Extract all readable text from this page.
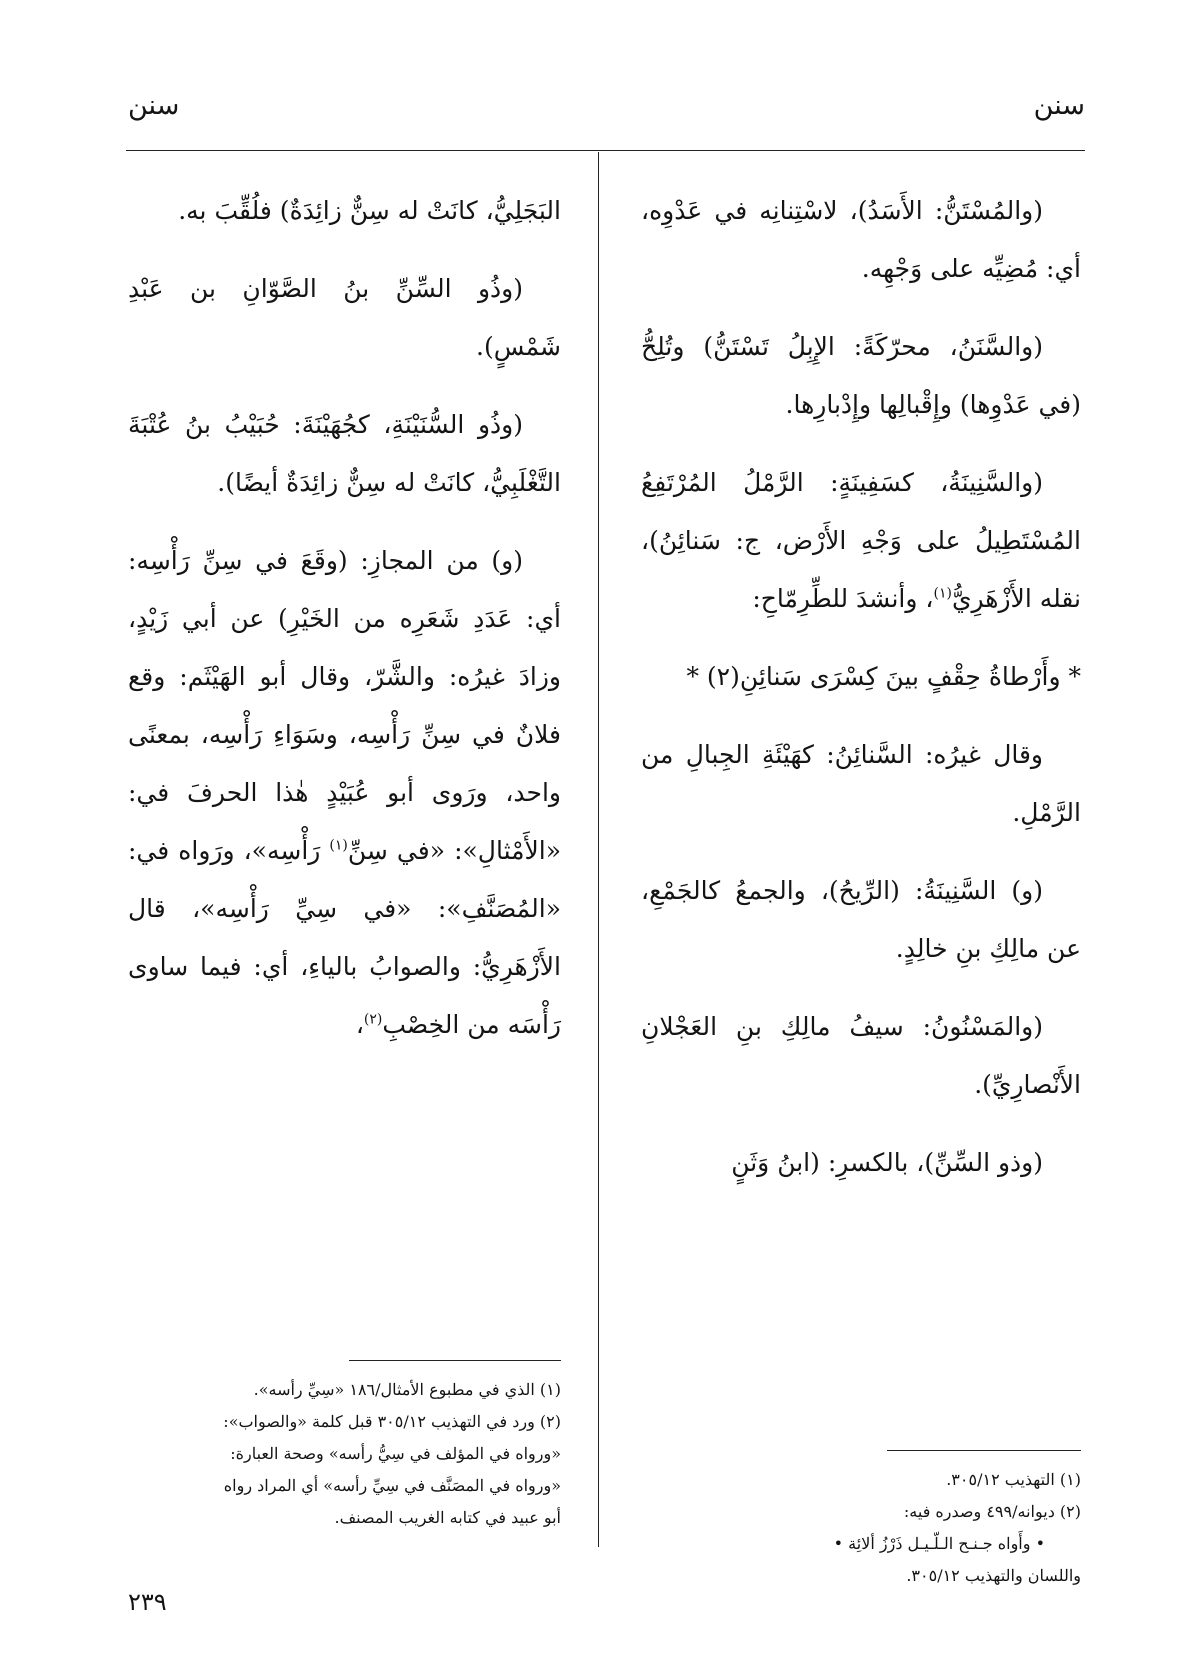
سنن
سنن

(والمُسْتَنُّ: الأَسَدُ)، لاسْتِنانِه في عَدْوِه، أي: مُضِيِّه على وَجْهِه.

(والسَّنَنُ، محرّكَةً: الإِبِلُ تَسْتَنُّ) وتُلِحُّ (في عَدْوِها) وإِقْبالِها وإِدْبارِها.

(والسَّنِينَةُ، كسَفِينَةٍ: الرَّمْلُ المُرْتَفِعُ المُسْتَطِيلُ على وَجْهِ الأَرْض، ج: سَنائِنُ)، نقله الأَزْهَرِيُّ$^{(١)}$، وأنشدَ للطِّرِمّاحِ:

* وأَرْطاةُ حِقْفٍ بينَ كِسْرَى سَنائِنِ(٢) *

وقال غيرُه: السَّنائِنُ: كهَيْئَةِ الجِبالِ من الرَّمْلِ.

(و) السَّنِينَةُ: (الرِّيحُ)، والجمعُ كالجَمْعِ، عن مالِكِ بنِ خالِدٍ.

(والمَسْنُونُ: سيفُ مالِكِ بنِ العَجْلانِ الأَنْصارِيِّ).

(وذو السِّنِّ)، بالكسرِ: (ابنُ وَثَنٍ

البَجَلِيُّ، كانَتْ له سِنٌّ زائِدَةٌ) فلُقِّبَ به.

(وذُو السِّنِّ بنُ الصَّوّانِ بن عَبْدِ شَمْسٍ).

(وذُو السُّنَيْنَةِ، كجُهَيْنَةَ: حُبَيْبُ بنُ عُتْبَةَ التَّغْلَبِيُّ، كانَتْ له سِنٌّ زائِدَةٌ أيضًا).

(و) من المجازِ: (وقَعَ في سِنِّ رَأْسِه: أي: عَدَدِ شَعَرِه من الخَيْرِ) عن أبي زَيْدٍ، وزادَ غيرُه: والشَّرّ، وقال أبو الهَيْثَم: وقع فلانٌ في سِنِّ رَأْسِه، وسَوَاءِ رَأْسِه، بمعنًى واحد، ورَوى أبو عُبَيْدٍ هٰذا الحرفَ في: «الأَمْثالِ»: «في سِنِّ$^{(١)}$ رَأْسِه»، ورَواه في: «المُصَنَّفِ»: «في سِيِّ رَأْسِه»، قال الأَزْهَرِيُّ: والصوابُ بالياءِ، أي: فيما ساوى رَأْسَه من الخِصْبِ$^{(٢)}$،

(١) التهذيب ٣٠٥/١٢.

(٢) ديوانه/٤٩٩ وصدره فيه:

• وأَواه جـنـح الـلّـيـل ذَرْزُ ألائِة •

واللسان والتهذيب ٣٠٥/١٢.

(١) الذي في مطبوع الأمثال/١٨٦ «سِيِّ رأسه».

(٢) ورد في التهذيب ٣٠٥/١٢ قبل كلمة «والصواب»:

«ورواه في المؤلف في سِيُّ رأسه» وصحة العبارة:

«ورواه في المصَنَّف في سِيِّ رأسه» أي المراد رواه

أبو عبيد في كتابه الغريب المصنف.

٢٣٩
